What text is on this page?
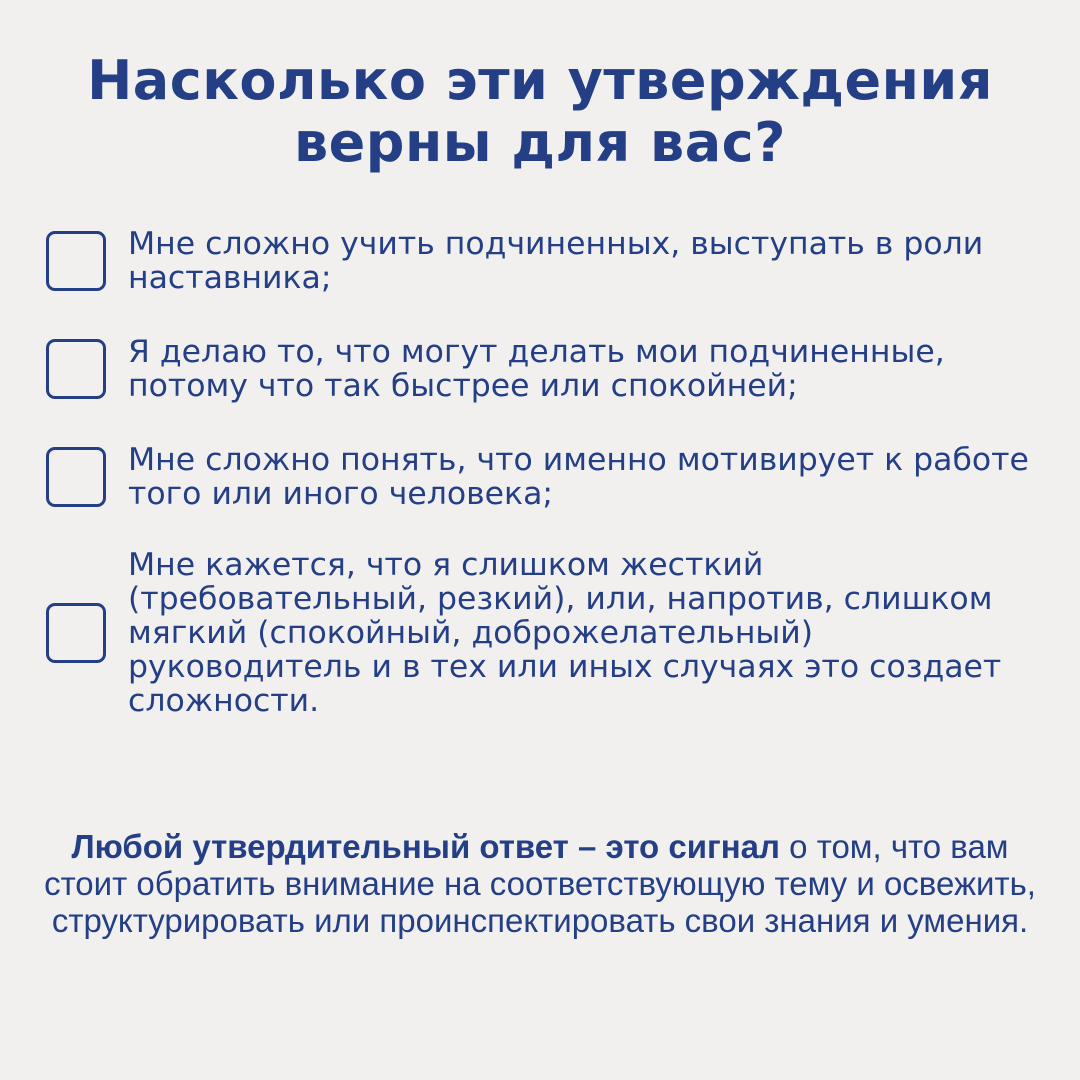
Насколько эти утверждения
верны для вас?
Мне сложно учить подчиненных, выступать в роли наставника;
Я делаю то, что могут делать мои подчиненные, потому что так быстрее или спокойней;
Мне сложно понять, что именно мотивирует к работе того или иного человека;
Мне кажется, что я слишком жесткий (требовательный, резкий), или, напротив, слишком мягкий (спокойный, доброжелательный) руководитель и в тех или иных случаях это создает сложности.

Любой утвердительный ответ – это сигнал о том, что вам стоит обратить внимание на соответствующую тему и освежить, структурировать или проинспектировать свои знания и умения.
